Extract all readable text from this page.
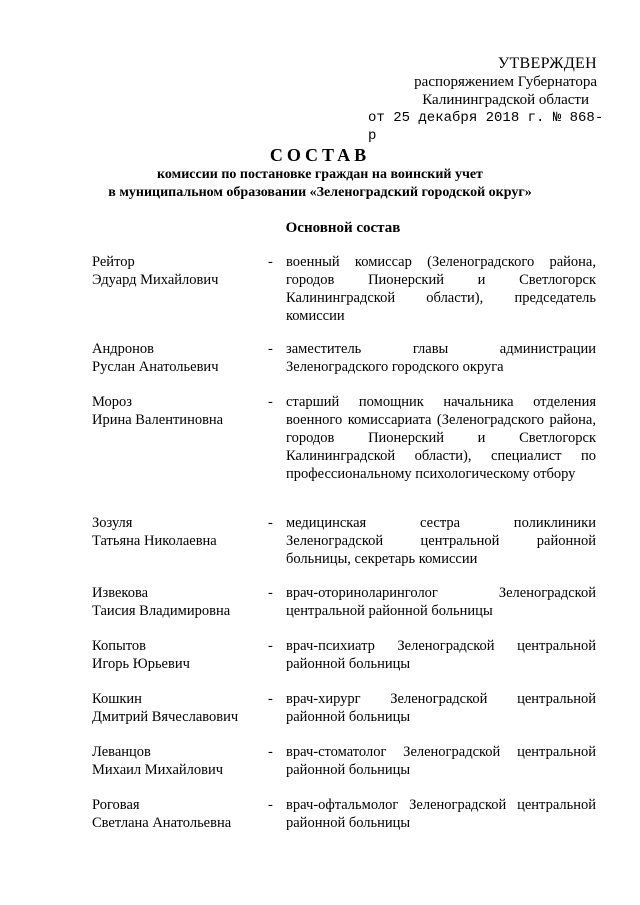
УТВЕРЖДЕН
распоряжением Губернатора
Калининградской области
от 25 декабря 2018 г. № 868-р
СОСТАВ
комиссии по постановке граждан на воинский учет
в муниципальном образовании «Зеленоградский городской округ»
Основной состав
Рейтор
Эдуард Михайлович
- военный комиссар (Зеленоградского района, городов Пионерский и Светлогорск Калининградской области), председатель комиссии
Андронов
Руслан Анатольевич
- заместитель главы администрации Зеленоградского городского округа
Мороз
Ирина Валентиновна
- старший помощник начальника отделения военного комиссариата (Зеленоградского района, городов Пионерский и Светлогорск Калининградской области), специалист по профессиональному психологическому отбору
Зозуля
Татьяна Николаевна
- медицинская сестра поликлиники Зеленоградской центральной районной больницы, секретарь комиссии
Извекова
Таисия Владимировна
- врач-оториноларинголог Зеленоградской центральной районной больницы
Копытов
Игорь Юрьевич
- врач-психиатр Зеленоградской центральной районной больницы
Кошкин
Дмитрий Вячеславович
- врач-хирург Зеленоградской центральной районной больницы
Леванцов
Михаил Михайлович
- врач-стоматолог Зеленоградской центральной районной больницы
Роговая
Светлана Анатольевна
- врач-офтальмолог Зеленоградской центральной районной больницы
